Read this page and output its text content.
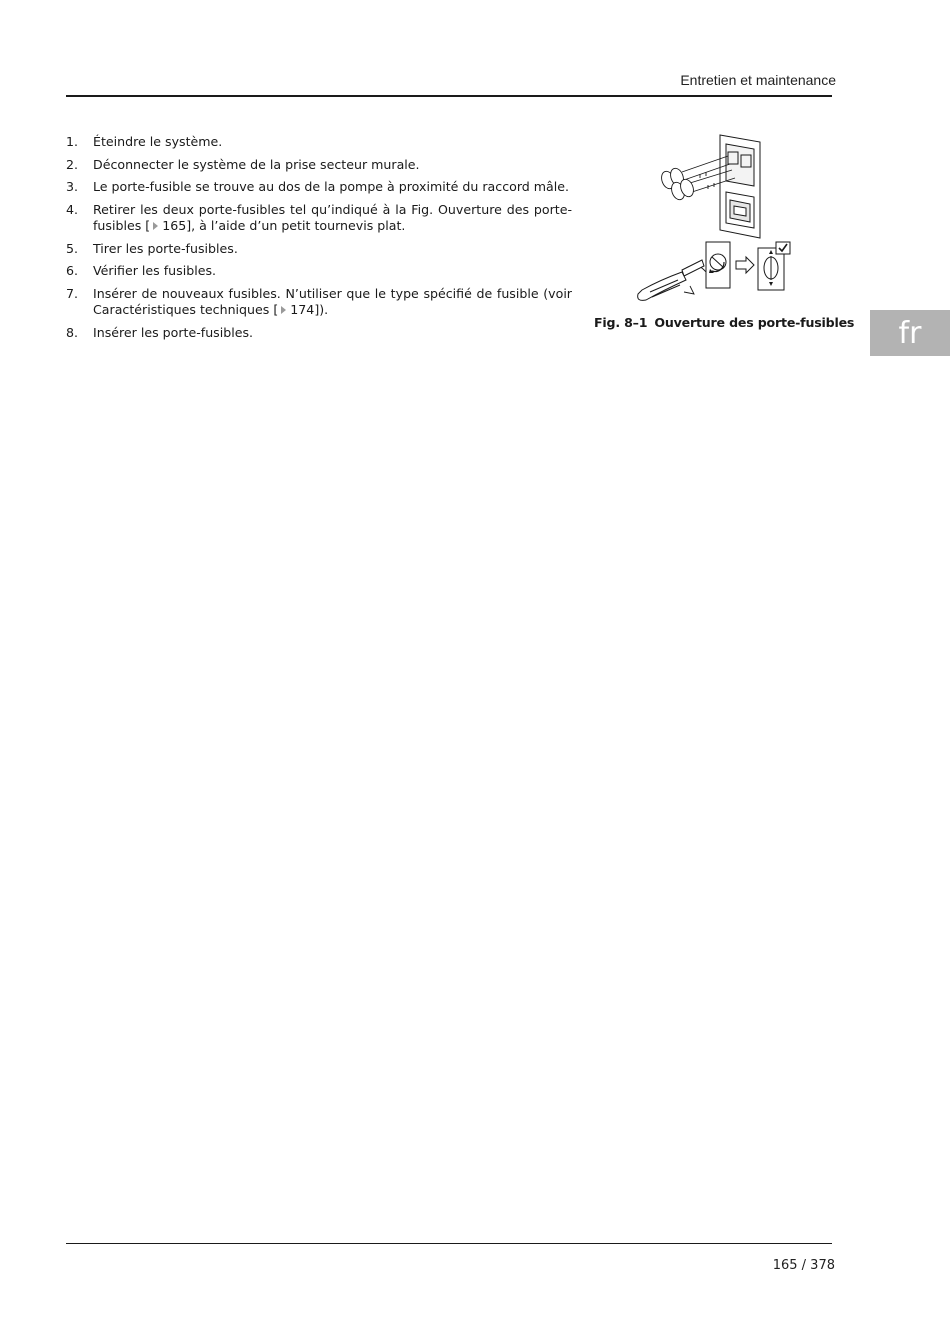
Entretien et maintenance
1.	Éteindre le système.
2.	Déconnecter le système de la prise secteur murale.
3.	Le porte-fusible se trouve au dos de la pompe à proximité du raccord mâle.
4.	Retirer les deux porte-fusibles tel qu’indiqué à la Fig. Ouverture des porte-fusibles [ 165], à l’aide d’un petit tournevis plat.
5.	Tirer les porte-fusibles.
6.	Vérifier les fusibles.
7.	Insérer de nouveaux fusibles. N’utiliser que le type spécifié de fusible (voir Caractéristiques techniques [ 174]).
8.	Insérer les porte-fusibles.
Fig. 8–1 Ouverture des porte-fusibles	fr
165 / 378
